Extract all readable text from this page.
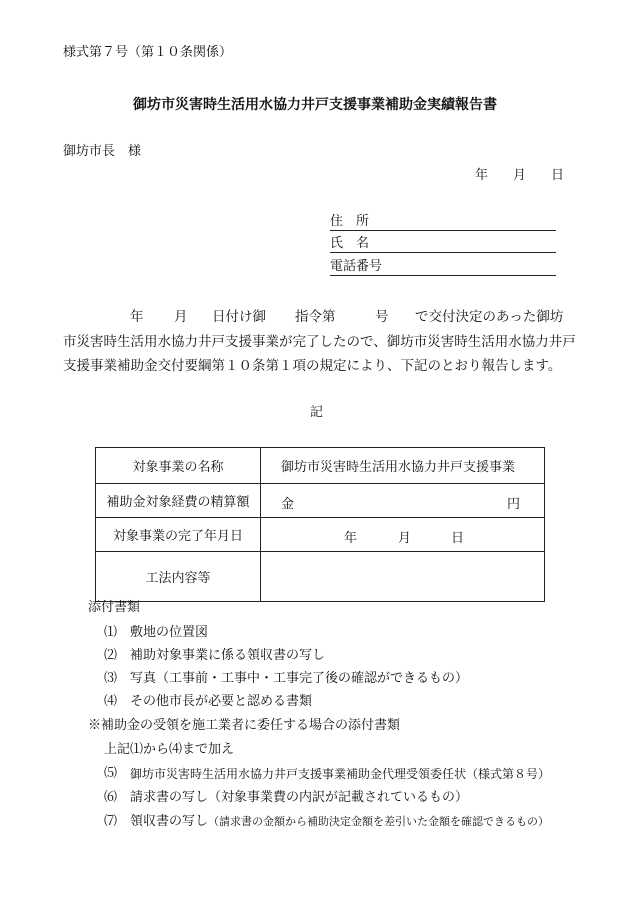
様式第７号（第１０条関係）
御坊市災害時生活用水協力井戸支援事業補助金実績報告書
御坊市長　様
年 月 日
住　所
氏　名
電話番号
年 月 日付け御 指令第	号 で交付決定のあった御坊
市災害時生活用水協力井戸支援事業が完了したので、御坊市災害時生活用水協力井戸
支援事業補助金交付要綱第１０条第１項の規定により、下記のとおり報告します。
記
対象事業の名称	御坊市災害時生活用水協力井戸支援事業
補助金対象経費の精算額	金 円

対象事業の完了年月日	年 月 日

工法内容等	
添付書類
⑴ 敷地の位置図
⑵ 補助対象事業に係る領収書の写し
⑶ 写真（工事前・工事中・工事完了後の確認ができるもの）
⑷ その他市長が必要と認める書類
※補助金の受領を施工業者に委任する場合の添付書類
上記⑴から⑷まで加え
⑸ 御坊市災害時生活用水協力井戸支援事業補助金代理受領委任状（様式第８号）
⑹ 請求書の写し（対象事業費の内訳が記載されているもの）
⑺ 領収書の写し（請求書の金額から補助決定金額を差引いた金額を確認できるもの）
